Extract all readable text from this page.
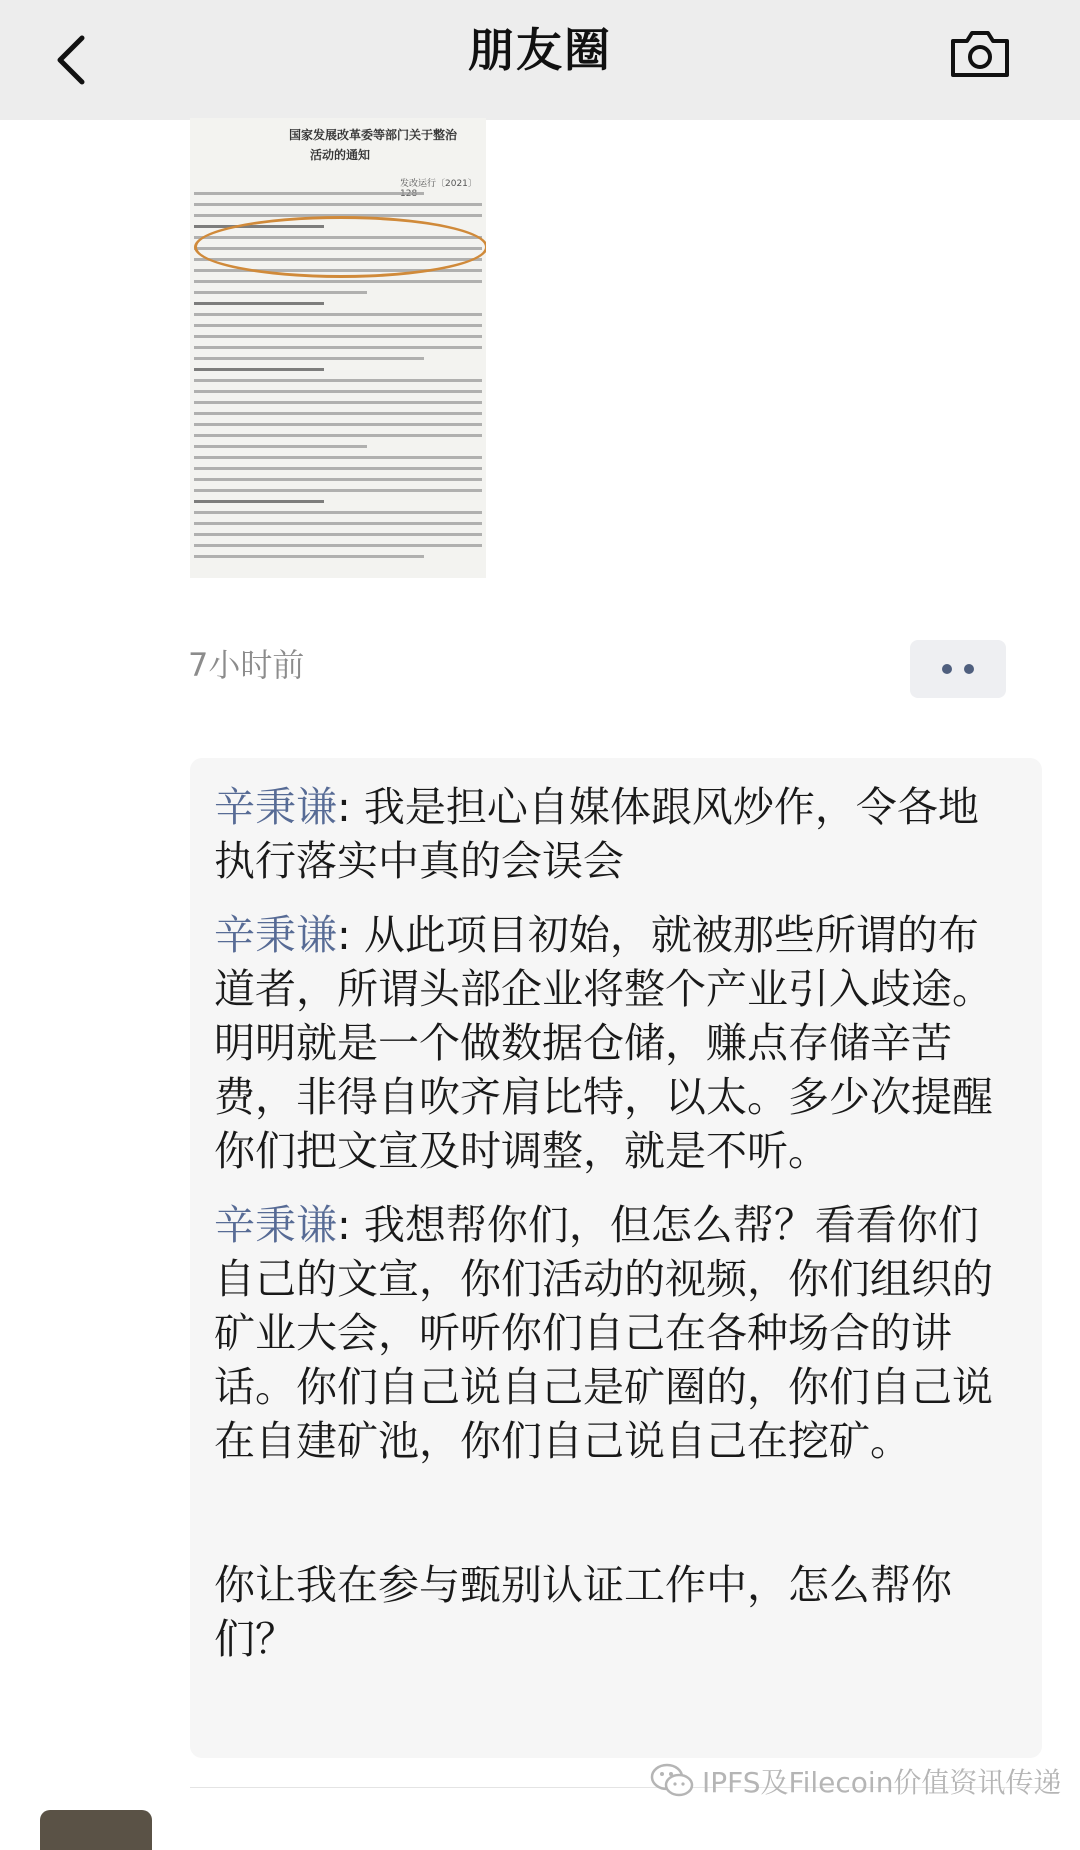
朋友圈
国家发展改革委等部门关于整治
活动的通知
发改运行〔2021〕
7小时前
辛秉谦: 我是担心自媒体跟风炒作，令各地执行落实中真的会误会
辛秉谦: 从此项目初始，就被那些所谓的布道者，所谓头部企业将整个产业引入歧途。明明就是一个做数据仓储，赚点存储辛苦费，非得自吹齐肩比特，以太。多少次提醒你们把文宣及时调整，就是不听。
辛秉谦: 我想帮你们，但怎么帮？看看你们自己的文宣，你们活动的视频，你们组织的矿业大会，听听你们自己在各种场合的讲话。你们自己说自己是矿圈的，你们自己说在自建矿池，你们自己说自己在挖矿。
你让我在参与甄别认证工作中，怎么帮你们？
IPFS及Filecoin价值资讯传递
